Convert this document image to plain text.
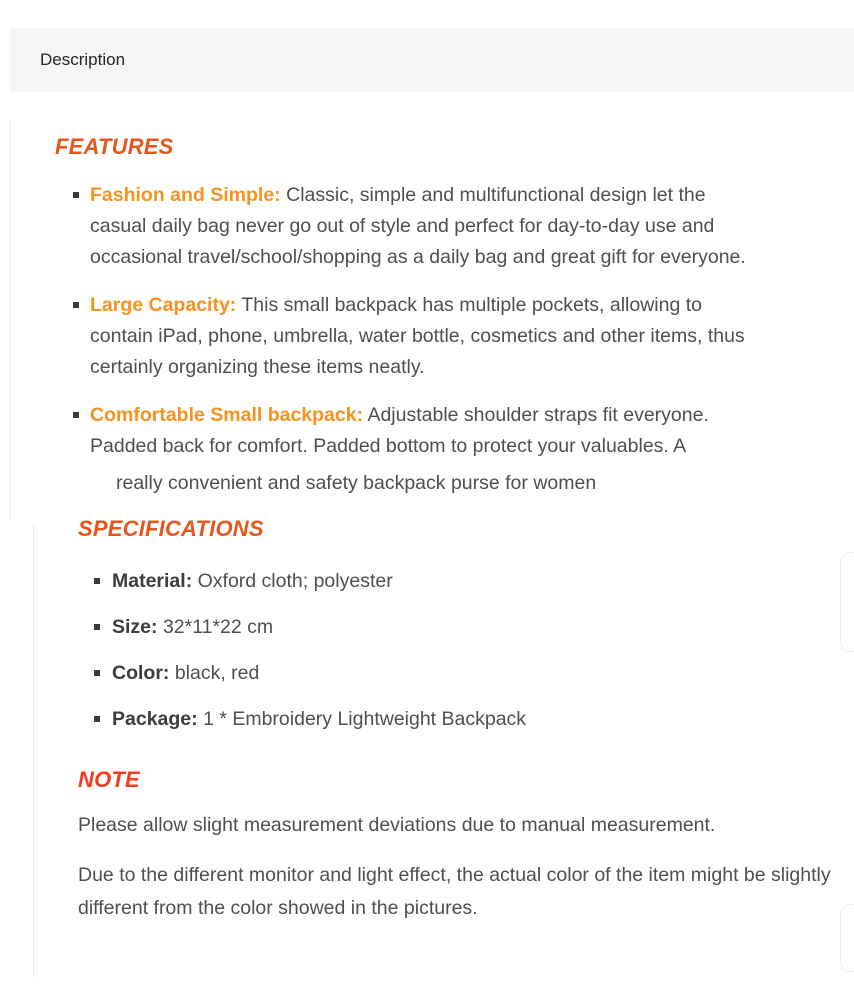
Description
FEATURES
Fashion and Simple: Classic, simple and multifunctional design let the casual daily bag never go out of style and perfect for day-to-day use and occasional travel/school/shopping as a daily bag and great gift for everyone.
Large Capacity: This small backpack has multiple pockets, allowing to contain iPad, phone, umbrella, water bottle, cosmetics and other items, thus certainly organizing these items neatly.
Comfortable Small backpack: Adjustable shoulder straps fit everyone. Padded back for comfort. Padded bottom to protect your valuables. A
really convenient and safety backpack purse for women
SPECIFICATIONS
Material: Oxford cloth; polyester
Size: 32*11*22 cm
Color: black, red
Package: 1 * Embroidery Lightweight Backpack
NOTE

Please allow slight measurement deviations due to manual measurement.

Due to the different monitor and light effect, the actual color of the item might be slightly different from the color showed in the pictures.
